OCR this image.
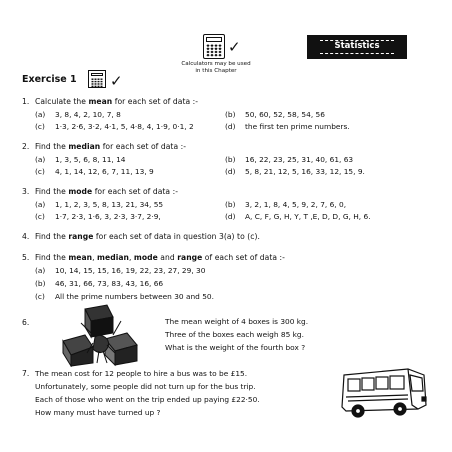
✓
Calculators may be used
in this Chapter
Statistics
Exercise 1 ✓
1. Calculate the mean for each set of data :-
(a) 3, 8, 4, 2, 10, 7, 8	(b) 50, 60, 52, 58, 54, 56
(c) 1·3, 2·6, 3·2, 4·1, 5, 4·8, 4, 1·9, 0·1, 2	(d) the first ten prime numbers.
2. Find the median for each set of data :-
(a) 1, 3, 5, 6, 8, 11, 14	(b) 16, 22, 23, 25, 31, 40, 61, 63
(c) 4, 1, 14, 12, 6, 7, 11, 13, 9	(d) 5, 8, 21, 12, 5, 16, 33, 12, 15, 9.
3. Find the mode for each set of data :-
(a) 1, 1, 2, 3, 5, 8, 13, 21, 34, 55	(b) 3, 2, 1, 8, 4, 5, 9, 2, 7, 6, 0,
(c) 1·7, 2·3, 1·6, 3, 2·3, 3·7, 2·9,	(d) A, C, F, G, H, Y, T ,E, D, D, G, H, 6.
4. Find the range for each set of data in question 3(a) to (c).
5. Find the mean, median, mode and range of each set of data :-
(a) 10, 14, 15, 15, 16, 19, 22, 23, 27, 29, 30
(b) 46, 31, 66, 73, 83, 43, 16, 66
(c) All the prime numbers between 30 and 50.
6.	The mean weight of 4 boxes is 300 kg.
Three of the boxes each weigh 85 kg.
What is the weight of the fourth box ?
7. The mean cost for 12 people to hire a bus was to be £15.
Unfortunately, some people did not turn up for the bus trip.
Each of those who went on the trip ended up paying £22·50.
How many must have turned up ?
